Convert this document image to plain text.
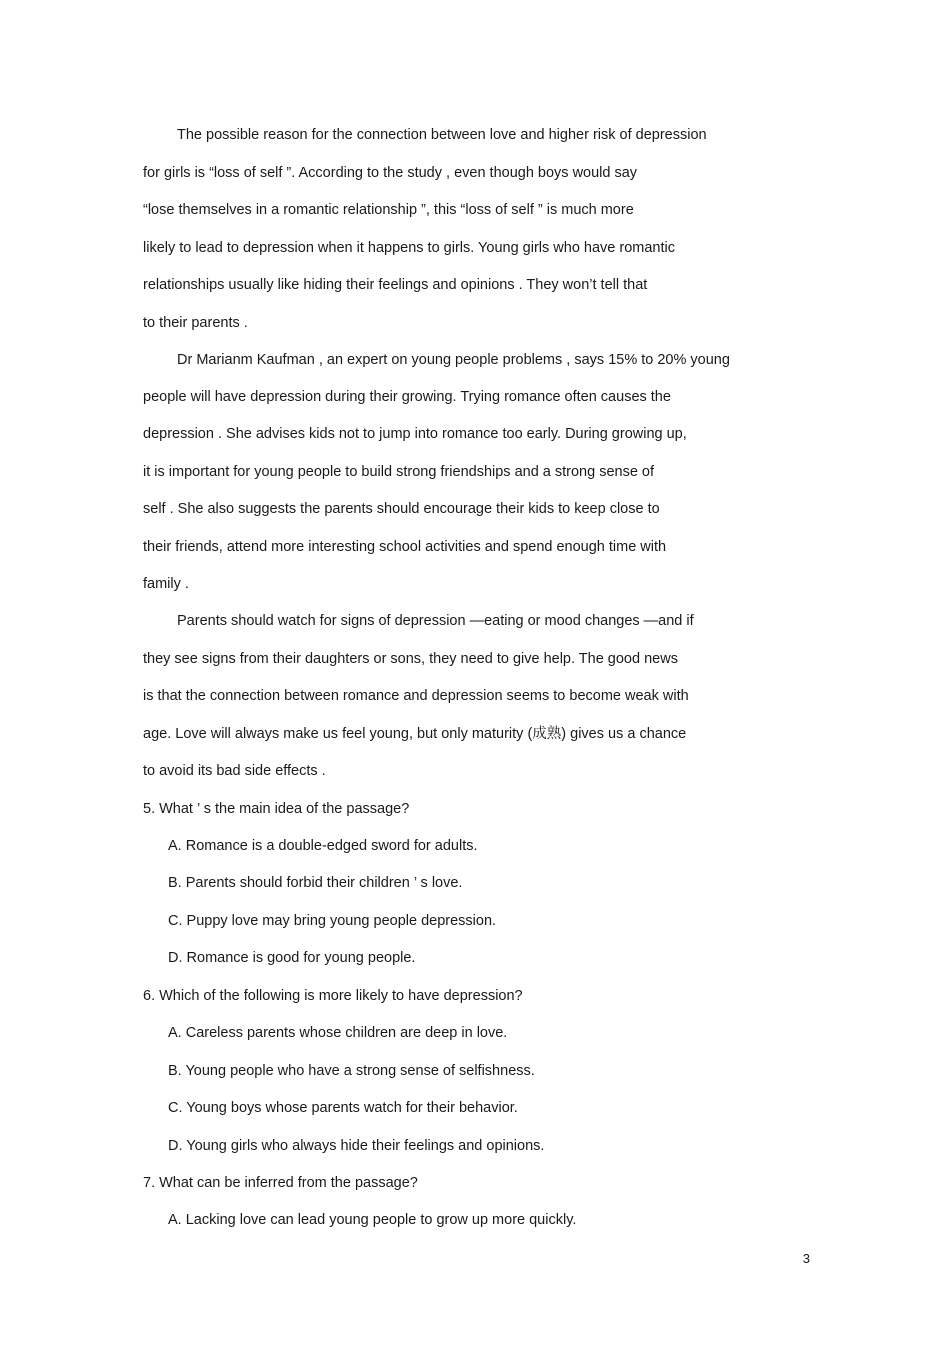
The possible reason for the connection between love and higher risk of depression
for girls is “loss of self ”. According to the study , even though boys would say
“lose themselves in a romantic relationship ”, this “loss of self ” is much more
likely to lead to depression when it happens to girls. Young girls who have romantic
relationships usually like hiding their feelings and opinions . They won’t tell that
to their parents .
Dr Marianm Kaufman , an expert on young people problems , says 15% to 20% young
people will have depression during their growing. Trying romance often causes the
depression . She advises kids not to jump into romance too early. During growing up,
it is important for young people to build strong friendships and a strong sense of
self . She also suggests the parents should encourage their kids to keep close to
their friends, attend more interesting school activities and spend enough time with
family .
Parents should watch for signs of depression —eating or mood changes —and if
they see signs from their daughters or sons, they need to give help. The good news
is that the connection between romance and depression seems to become weak with
age. Love will always make us feel young, but only maturity (成熟) gives us a chance
to avoid its bad side effects .
5. What ’ s the main idea of the passage?
A. Romance is a double-edged sword for adults.
B. Parents should forbid their children ’ s love.
C. Puppy love may bring young people depression.
D. Romance is good for young people.
6. Which of the following is more likely to have depression?
A. Careless parents whose children are deep in love.
B. Young people who have a strong sense of selfishness.
C. Young boys whose parents watch for their behavior.
D. Young girls who always hide their feelings and opinions.
7. What can be inferred from the passage?
A. Lacking love can lead young people to grow up more quickly.
3
